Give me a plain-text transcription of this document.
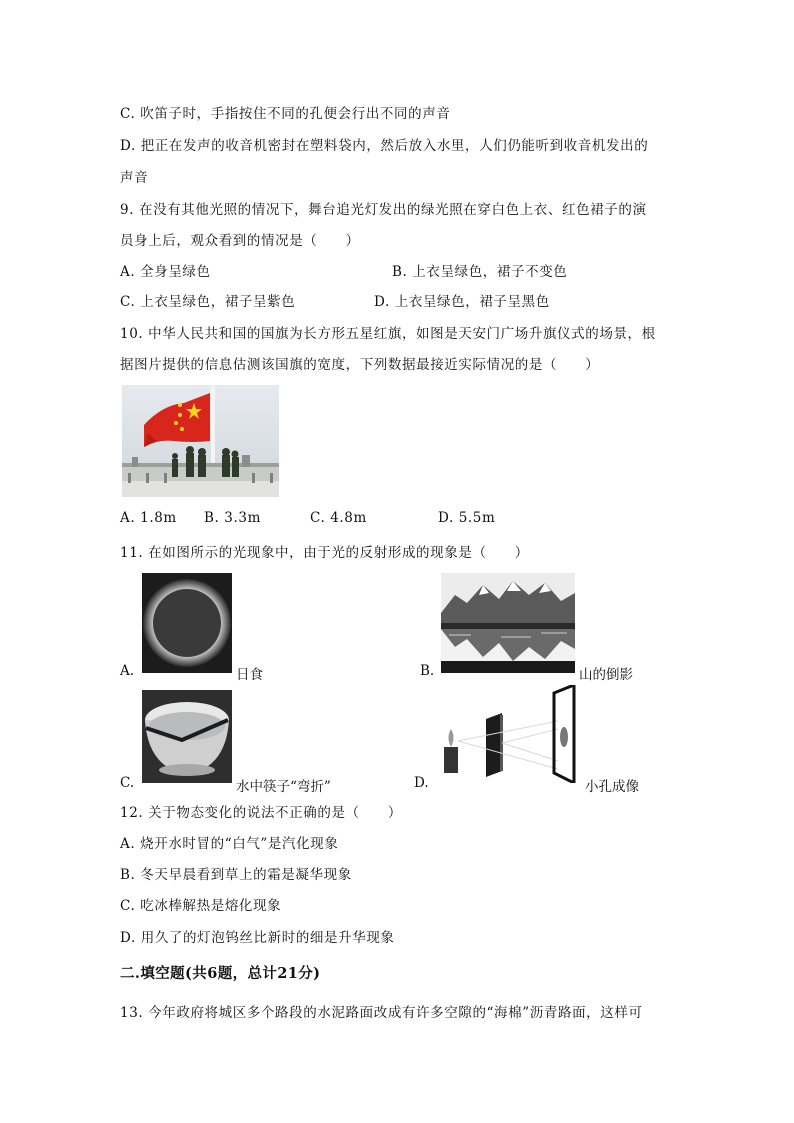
C. 吹笛子时，手指按住不同的孔便会行出不同的声音
D. 把正在发声的收音机密封在塑料袋内，然后放入水里，人们仍能听到收音机发出的
声音
9. 在没有其他光照的情况下，舞台追光灯发出的绿光照在穿白色上衣、红色裙子的演
员身上后，观众看到的情况是（　　）
A. 全身呈绿色	B. 上衣呈绿色，裙子不变色
C. 上衣呈绿色，裙子呈紫色	D. 上衣呈绿色，裙子呈黑色
10. 中华人民共和国的国旗为长方形五星红旗，如图是天安门广场升旗仪式的场景，根
据图片提供的信息估测该国旗的宽度，下列数据最接近实际情况的是（　　）
A. 1.8m B. 3.3m	C. 4.8m	D. 5.5m
11. 在如图所示的光现象中，由于光的反射形成的现象是（　　）
A.	日食	B.	山的倒影
C.	水中筷子“弯折”	D.	小孔成像
12. 关于物态变化的说法不正确的是（　　）
A. 烧开水时冒的“白气”是汽化现象
B. 冬天早晨看到草上的霜是凝华现象
C. 吃冰棒解热是熔化现象
D. 用久了的灯泡钨丝比新时的细是升华现象
二.填空题(共6题，总计21分)
13. 今年政府将城区多个路段的水泥路面改成有许多空隙的“海棉”沥青路面，这样可
